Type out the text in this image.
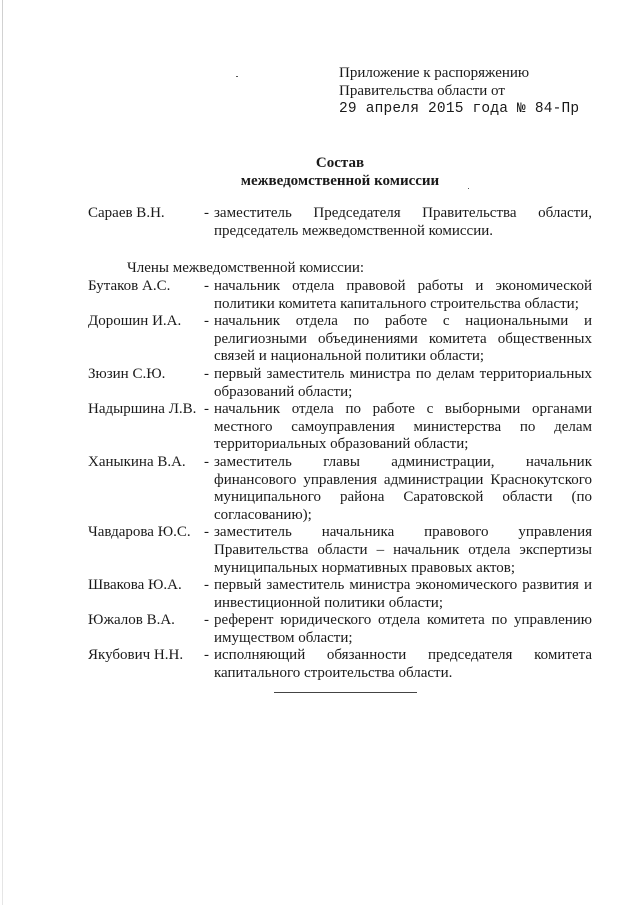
Приложение к распоряжению
Правительства области от
29 апреля 2015 года № 84-Пр
Состав
межведомственной комиссии
Сараев В.Н.	- заместитель Председателя Правительства области, председатель межведомственной комиссии.
Члены межведомственной комиссии:
Бутаков А.С.	- начальник отдела правовой работы и экономической политики комитета капитального строительства области;
Дорошин И.А.	- начальник отдела по работе с национальными и религиозными объединениями комитета общественных связей и национальной политики области;
Зюзин С.Ю.	- первый заместитель министра по делам территориальных образований области;
Надыршина Л.В. - начальник отдела по работе с выборными органами местного самоуправления министерства по делам территориальных образований области;
Ханыкина В.А.	- заместитель главы администрации, начальник финансового управления администрации Краснокутского муниципального района Саратовской области (по согласованию);
Чавдарова Ю.С. - заместитель начальника правового управления Правительства области – начальник отдела экспертизы муниципальных нормативных правовых актов;
Швакова Ю.А.	- первый заместитель министра экономического развития и инвестиционной политики области;
Южалов В.А.	- референт юридического отдела комитета по управлению имуществом области;
Якубович Н.Н.	- исполняющий обязанности председателя комитета капитального строительства области.
